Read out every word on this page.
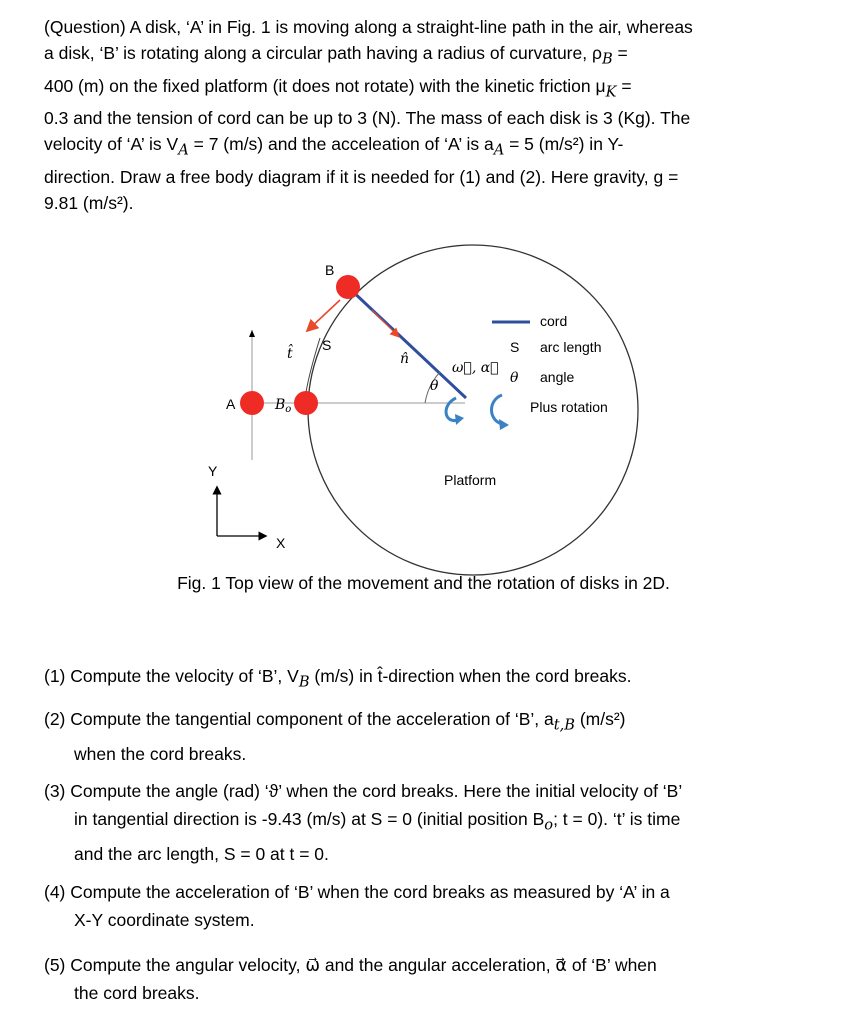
(Question) A disk, ‘A’ in Fig. 1 is moving along a straight-line path in the air, whereas
a disk, ‘B’ is rotating along a circular path having a radius of curvature, $\rho_B$ =
400 (m) on the fixed platform (it does not rotate) with the kinetic friction $\mu_K$ =
0.3 and the tension of cord can be up to 3 (N). The mass of each disk is 3 (Kg). The
velocity of ‘A’ is $V_A = 7$ (m/s) and the acceleation of ‘A’ is $a_A = 5$ (m/s²) in Y-
direction. Draw a free body diagram if it is needed for (1) and (2). Here gravity, g =
9.81 (m/s²).
B
A	$B_o$
t̂
S
n̂
θ
ω⃗, α⃗
Platform
Y
X
cord
S arc length
θ angle
Plus rotation
Fig. 1 Top view of the movement and the rotation of disks in 2D.
(1) Compute the velocity of ‘B’, $V_B$ (m/s) in t̂-direction when the cord breaks.
(2) Compute the tangential component of the acceleration of ‘B’, $a_{t,B}$ (m/s²)
when the cord breaks.
(3) Compute the angle (rad) ‘ϑ’ when the cord breaks. Here the initial velocity of ‘B’
in tangential direction is -9.43 (m/s) at S = 0 (initial position $B_o$; t = 0). ‘t’ is time
and the arc length, S = 0 at t = 0.
(4) Compute the acceleration of ‘B’ when the cord breaks as measured by ‘A’ in a
X-Y coordinate system.
(5) Compute the angular velocity, ω⃗ and the angular acceleration, α⃗ of ‘B’ when
the cord breaks.
